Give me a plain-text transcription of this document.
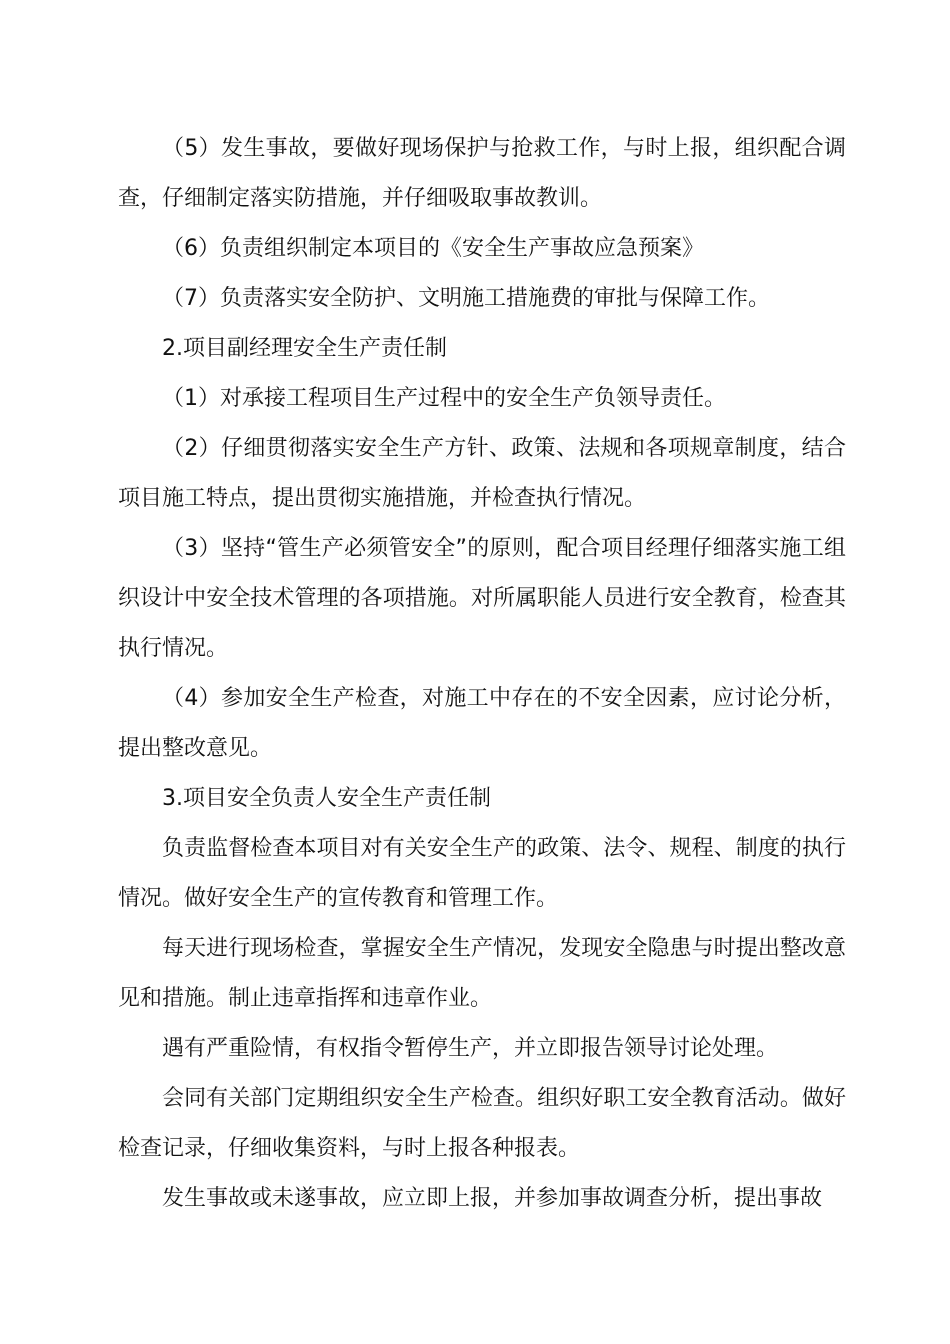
（5）发生事故，要做好现场保护与抢救工作，与时上报，组织配合调查，仔细制定落实防措施，并仔细吸取事故教训。

（6）负责组织制定本项目的《安全生产事故应急预案》

（7）负责落实安全防护、文明施工措施费的审批与保障工作。

2.项目副经理安全生产责任制

（1）对承接工程项目生产过程中的安全生产负领导责任。

（2）仔细贯彻落实安全生产方针、政策、法规和各项规章制度，结合项目施工特点，提出贯彻实施措施，并检查执行情况。

（3）坚持“管生产必须管安全”的原则，配合项目经理仔细落实施工组织设计中安全技术管理的各项措施。对所属职能人员进行安全教育，检查其执行情况。

（4）参加安全生产检查，对施工中存在的不安全因素，应讨论分析，提出整改意见。

3.项目安全负责人安全生产责任制

负责监督检查本项目对有关安全生产的政策、法令、规程、制度的执行情况。做好安全生产的宣传教育和管理工作。

每天进行现场检查，掌握安全生产情况，发现安全隐患与时提出整改意见和措施。制止违章指挥和违章作业。

遇有严重险情，有权指令暂停生产，并立即报告领导讨论处理。

会同有关部门定期组织安全生产检查。组织好职工安全教育活动。做好检查记录，仔细收集资料，与时上报各种报表。

发生事故或未遂事故，应立即上报，并参加事故调查分析，提出事故
